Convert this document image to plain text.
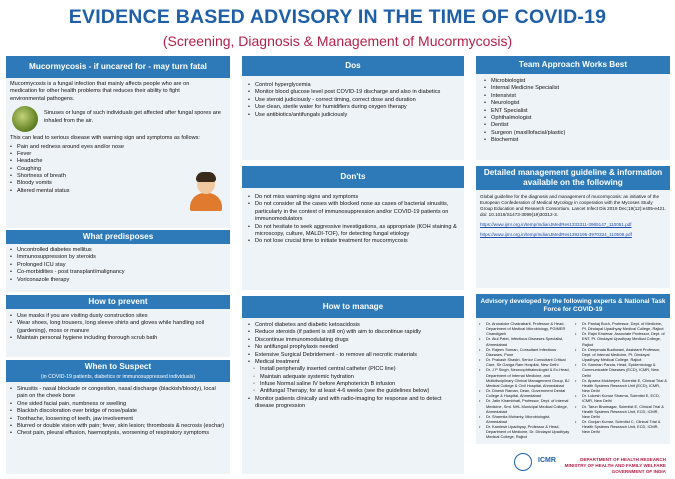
EVIDENCE BASED ADVISORY IN THE TIME OF COVID-19
(Screening, Diagnosis & Management of Mucormycosis)
Mucormycosis - if uncared for - may turn fatal
Mucormycosis is a fungal infection that mainly affects people who are on medication for other health problems that reduces their ability to fight environmental pathogens.
Sinuses or lungs of such individuals get affected after fungal spores are inhaled from the air.
This can lead to serious disease with warning sign and symptoms as follows:
• Pain and redness around eyes and/or nose
• Fever
• Headache
• Coughing
• Shortness of breath
• Bloody vomits
• Altered mental status
What predisposes
• Uncontrolled diabetes mellitus
• Immunosuppression by steroids
• Prolonged ICU stay
• Co-morbidities - post transplant/malignancy
• Voriconazole therapy
How to prevent
• Use masks if you are visiting dusty construction sites
• Wear shoes, long trousers, long sleeve shirts and gloves while handling soil (gardening), moss or manure
• Maintain personal hygiene including thorough scrub bath
When to Suspect
(in COVID-19 patients, diabetics or immunosuppressed individuals)
• Sinusitis - nasal blockade or congestion, nasal discharge (blackish/bloody), local pain on the cheek bone
• One sided facial pain, numbness or swelling
• Blackish discoloration over bridge of nose/palate
• Toothache, loosening of teeth, jaw involvement
• Blurred or double vision with pain; fever, skin lesion; thrombosis & necrosis (eschar)
• Chest pain, pleural effusion, haemoptysis, worsening of respiratory symptoms
Dos
• Control hyperglycemia
• Monitor blood glucose level post COVID-19 discharge and also in diabetics
• Use steroid judiciously - correct timing, correct dose and duration
• Use clean, sterile water for humidifiers during oxygen therapy
• Use antibiotics/antifungals judiciously
Don'ts
• Do not miss warning signs and symptoms
• Do not consider all the cases with blocked nose as cases of bacterial sinusitis, particularly in the context of immunosuppression and/or COVID-19 patients on immunomodulators
• Do not hesitate to seek aggressive investigations, as appropriate (KOH staining & microscopy, culture, MALDI-TOF), for detecting fungal etiology
• Do not lose crucial time to initiate treatment for mucormycosis
How to manage
• Control diabetes and diabetic ketoacidosis
• Reduce steroids (if patient is still on) with aim to discontinue rapidly
• Discontinue immunomodulating drugs
• No antifungal prophylaxis needed
• Extensive Surgical Debridement - to remove all necrotic materials
• Medical treatment
◦ Install peripherally inserted central catheter (PICC line)
◦ Maintain adequate systemic hydration
◦ Infuse Normal saline IV before Amphotericin B infusion
◦ Antifungal Therapy, for at least 4-6 weeks (see the guidelines below)
• Monitor patients clinically and with radio-imaging for response and to detect disease progression
Team Approach Works Best
• Microbiologist
• Internal Medicine Specialist
• Intensivist
• Neurologist
• ENT Specialist
• Ophthalmologist
• Dentist
• Surgeon (maxillofacial/plastic)
• Biochemist
Detailed management guideline & information available on the following
Global guideline for the diagnosis and management of mucormycosis: an initiative of the European Confederation of Medical Mycology in cooperation with the Mycoses Study Group Education and Research Consortium. Lancet Infect Dis 2019 Dec;19(12):e405-e421. doi: 10.1016/S1473-3099(19)30312-3.
https://www.ijmr.org.in/temp/IndianJMedRes1333311-3965147_110051.pdf
https://www.ijmr.org.in/temp/IndianJMedRes1392195-3970334_110508.pdf
Advisory developed by the following experts & National Task Force for COVID-19
• Dr. Arunaloke Chakrabarti, Professor & Head, Department of Medical Microbiology, PGIMER Chandigarh
• Dr. Atul Patel, Infectious Diseases Specialist, Ahmedabad
• Dr. Rajeev Soman, Consultant Infectious Diseases, Pune
• Dr. Prakash Shastri, Senior Consultant Critical Care, Sir Ganga Ram Hospital, New Delhi
• Dr. J P Singh, Neuroophthalmologist & Ex-Head, Department of Internal Medicine, and Multidisciplinary Clinical Management Group, BJ Medical College & Civil Hospital, Ahmedabad
• Dr. Dinesh Raman, Dean, Government Dental College & Hospital, Ahmedabad
• Dr. Jatin Khambhati, Professor, Dept. of Internal Medicine, Smt. NHL Municipal Medical College, Ahmedabad
• Dr. Sharmila Mohanty, Microbiologist, Ahmedabad
• Dr. Kamlesh Upadhyay, Professor & Head, Department of Medicine, Dr. Dindayal Upadhyay Medical College, Rajkot
• Dr. Pankaj Buch, Professor, Dept. of Medicine, Pt. Dindayal Upadhyay Medical College, Rajkot
• Dr. Rajni Khairnar, Associate Professor, Dept. of ENT, Pt. Dindayal Upadhyay Medical College, Rajkot
• Dr. Deepmala Budhwani, Assistant Professor, Dept. of Internal Medicine, Pt. Dindayal Upadhyay Medical College, Rajkot
• Dr. Samiran Panda, Head, Epidemiology & Communicable Diseases (ECD), ICMR, New Delhi
• Dr. Aparna Mukherjee, Scientist E, Clinical Trial & Health Systems Research Unit (ECD), ICMR, New Delhi
• Dr. Lokesh Kumar Sharma, Scientist E, ECD, ICMR, New Delhi
• Dr. Tarun Bhatnagar, Scientist E, Clinical Trial & Health Systems Research Unit, ECD, ICMR, New Delhi
• Dr. Gunjan Kumar, Scientist C, Clinical Trial & Health Systems Research Unit, ECD, ICMR, New Delhi
ICMR	DEPARTMENT OF HEALTH RESEARCH
MINISTRY OF HEALTH AND FAMILY WELFARE
GOVERNMENT OF INDIA
